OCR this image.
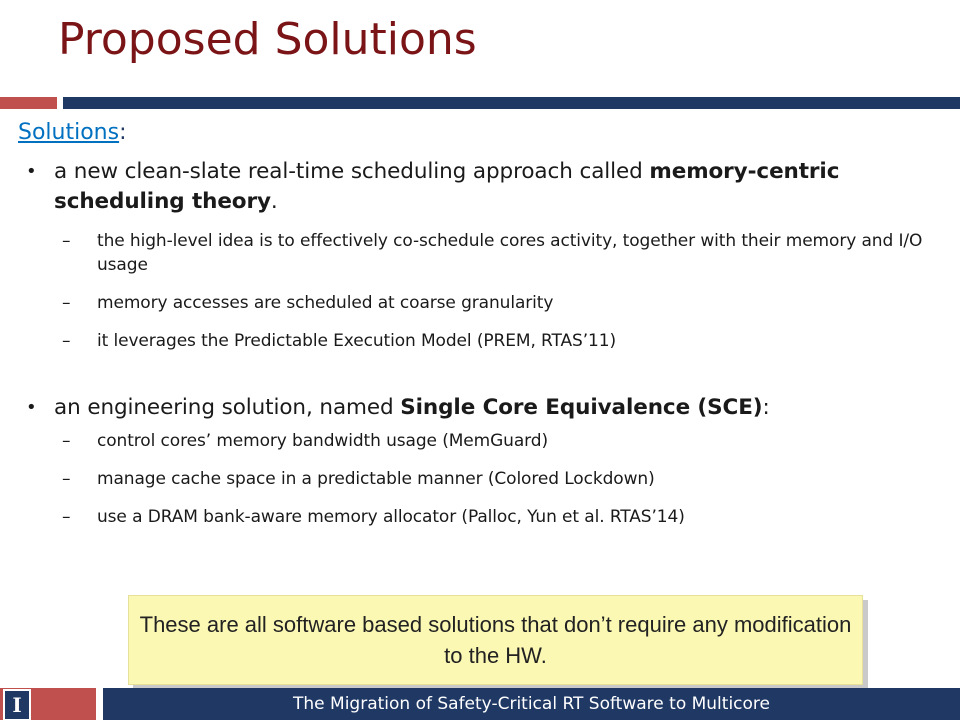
Proposed Solutions
Solutions:
• a new clean-slate real-time scheduling approach called memory-centric scheduling theory.
– the high-level idea is to effectively co-schedule cores activity, together with their memory and I/O usage
– memory accesses are scheduled at coarse granularity
– it leverages the Predictable Execution Model (PREM, RTAS’11)
• an engineering solution, named Single Core Equivalence (SCE):
– control cores’ memory bandwidth usage (MemGuard)
– manage cache space in a predictable manner (Colored Lockdown)
– use a DRAM bank-aware memory allocator (Palloc, Yun et al. RTAS’14)
These are all software based solutions that don’t require any modification to the HW.
I	The Migration of Safety-Critical RT Software to Multicore
